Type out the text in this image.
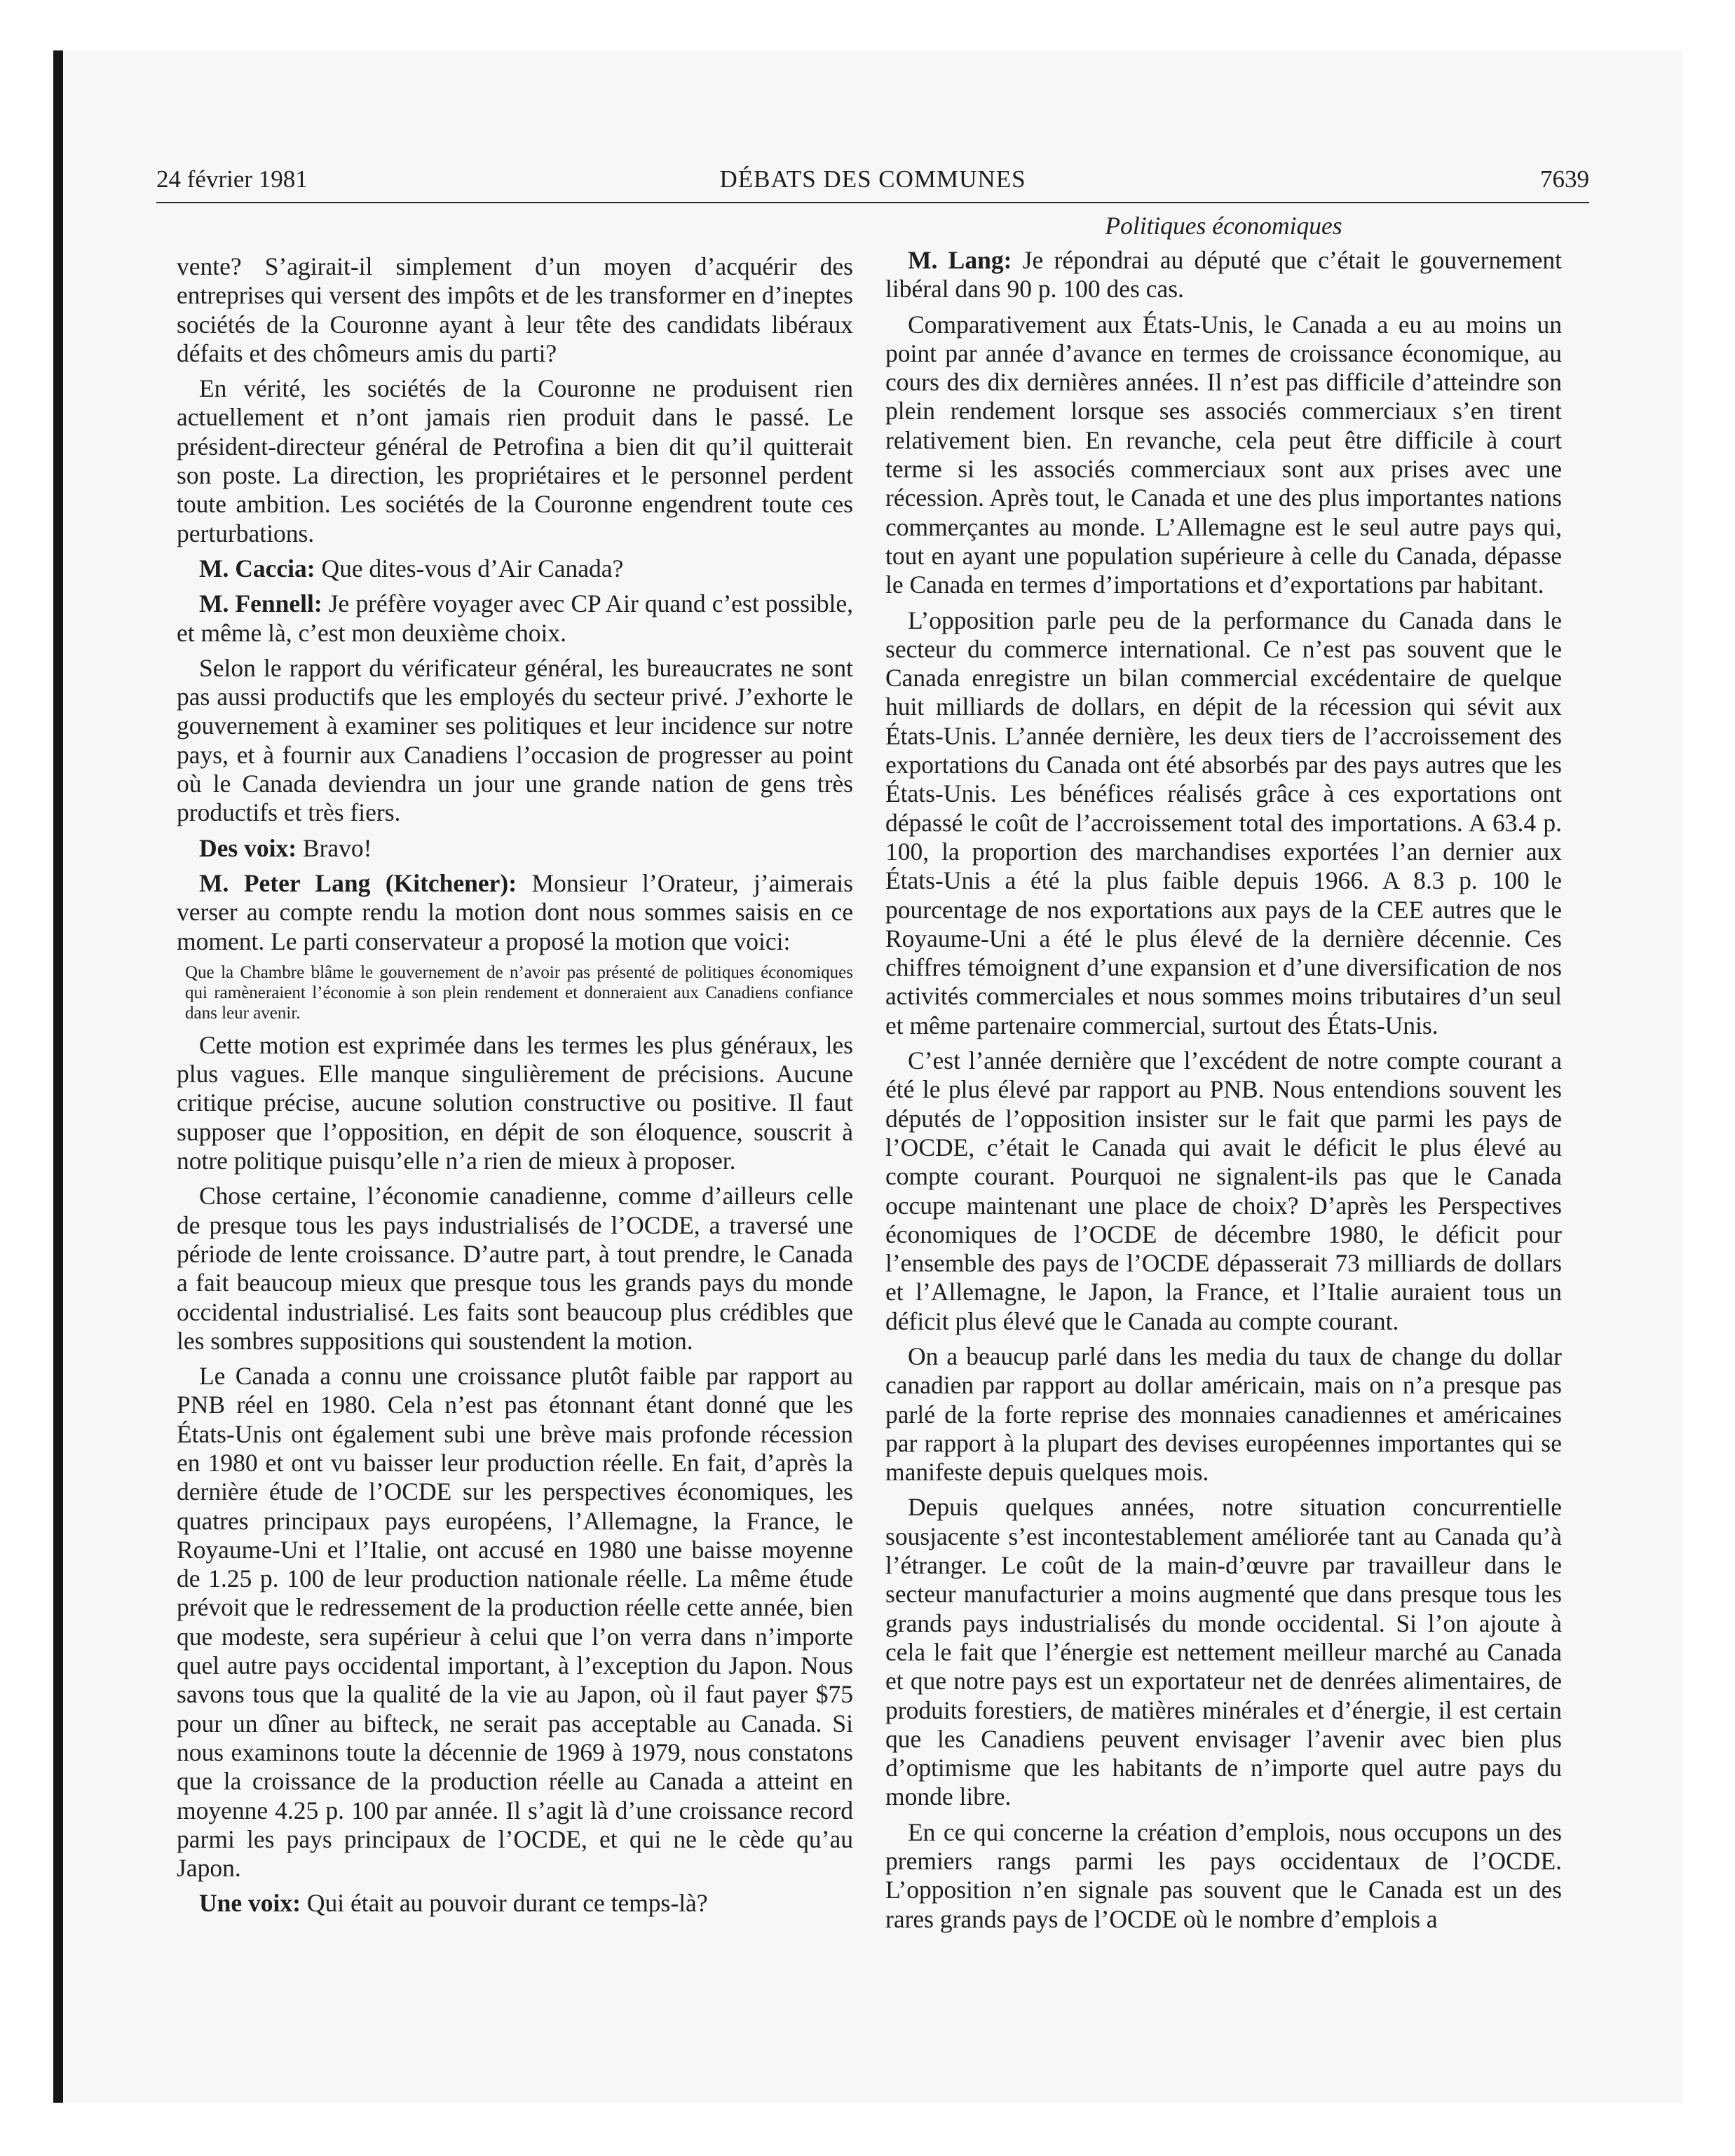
24 février 1981	DÉBATS DES COMMUNES	7639

vente? S’agirait-il simplement d’un moyen d’acquérir des entreprises qui versent des impôts et de les transformer en d’ineptes sociétés de la Couronne ayant à leur tête des candidats libéraux défaits et des chômeurs amis du parti?

En vérité, les sociétés de la Couronne ne produisent rien actuellement et n’ont jamais rien produit dans le passé. Le président-directeur général de Petrofina a bien dit qu’il quitterait son poste. La direction, les propriétaires et le personnel perdent toute ambition. Les sociétés de la Couronne engendrent toute ces perturbations.

M. Caccia: Que dites-vous d’Air Canada?

M. Fennell: Je préfère voyager avec CP Air quand c’est possible, et même là, c’est mon deuxième choix.

Selon le rapport du vérificateur général, les bureaucrates ne sont pas aussi productifs que les employés du secteur privé. J’exhorte le gouvernement à examiner ses politiques et leur incidence sur notre pays, et à fournir aux Canadiens l’occasion de progresser au point où le Canada deviendra un jour une grande nation de gens très productifs et très fiers.

Des voix: Bravo!

M. Peter Lang (Kitchener): Monsieur l’Orateur, j’aimerais verser au compte rendu la motion dont nous sommes saisis en ce moment. Le parti conservateur a proposé la motion que voici:

Que la Chambre blâme le gouvernement de n’avoir pas présenté de politiques économiques qui ramèneraient l’économie à son plein rendement et donneraient aux Canadiens confiance dans leur avenir.

Cette motion est exprimée dans les termes les plus généraux, les plus vagues. Elle manque singulièrement de précisions. Aucune critique précise, aucune solution constructive ou positive. Il faut supposer que l’opposition, en dépit de son éloquence, souscrit à notre politique puisqu’elle n’a rien de mieux à proposer.

Chose certaine, l’économie canadienne, comme d’ailleurs celle de presque tous les pays industrialisés de l’OCDE, a traversé une période de lente croissance. D’autre part, à tout prendre, le Canada a fait beaucoup mieux que presque tous les grands pays du monde occidental industrialisé. Les faits sont beaucoup plus crédibles que les sombres suppositions qui soustendent la motion.

Le Canada a connu une croissance plutôt faible par rapport au PNB réel en 1980. Cela n’est pas étonnant étant donné que les États-Unis ont également subi une brève mais profonde récession en 1980 et ont vu baisser leur production réelle. En fait, d’après la dernière étude de l’OCDE sur les perspectives économiques, les quatres principaux pays européens, l’Allemagne, la France, le Royaume-Uni et l’Italie, ont accusé en 1980 une baisse moyenne de 1.25 p. 100 de leur production nationale réelle. La même étude prévoit que le redressement de la production réelle cette année, bien que modeste, sera supérieur à celui que l’on verra dans n’importe quel autre pays occidental important, à l’exception du Japon. Nous savons tous que la qualité de la vie au Japon, où il faut payer $75 pour un dîner au bifteck, ne serait pas acceptable au Canada. Si nous examinons toute la décennie de 1969 à 1979, nous constatons que la croissance de la production réelle au Canada a atteint en moyenne 4.25 p. 100 par année. Il s’agit là d’une croissance record parmi les pays principaux de l’OCDE, et qui ne le cède qu’au Japon.

Une voix: Qui était au pouvoir durant ce temps-là?

Politiques économiques

M. Lang: Je répondrai au député que c’était le gouvernement libéral dans 90 p. 100 des cas.

Comparativement aux États-Unis, le Canada a eu au moins un point par année d’avance en termes de croissance économique, au cours des dix dernières années. Il n’est pas difficile d’atteindre son plein rendement lorsque ses associés commerciaux s’en tirent relativement bien. En revanche, cela peut être difficile à court terme si les associés commerciaux sont aux prises avec une récession. Après tout, le Canada et une des plus importantes nations commerçantes au monde. L’Allemagne est le seul autre pays qui, tout en ayant une population supérieure à celle du Canada, dépasse le Canada en termes d’importations et d’exportations par habitant.

L’opposition parle peu de la performance du Canada dans le secteur du commerce international. Ce n’est pas souvent que le Canada enregistre un bilan commercial excédentaire de quelque huit milliards de dollars, en dépit de la récession qui sévit aux États-Unis. L’année dernière, les deux tiers de l’accroissement des exportations du Canada ont été absorbés par des pays autres que les États-Unis. Les bénéfices réalisés grâce à ces exportations ont dépassé le coût de l’accroissement total des importations. A 63.4 p. 100, la proportion des marchandises exportées l’an dernier aux États-Unis a été la plus faible depuis 1966. A 8.3 p. 100 le pourcentage de nos exportations aux pays de la CEE autres que le Royaume-Uni a été le plus élevé de la dernière décennie. Ces chiffres témoignent d’une expansion et d’une diversification de nos activités commerciales et nous sommes moins tributaires d’un seul et même partenaire commercial, surtout des États-Unis.

C’est l’année dernière que l’excédent de notre compte courant a été le plus élevé par rapport au PNB. Nous entendions souvent les députés de l’opposition insister sur le fait que parmi les pays de l’OCDE, c’était le Canada qui avait le déficit le plus élevé au compte courant. Pourquoi ne signalent-ils pas que le Canada occupe maintenant une place de choix? D’après les Perspectives économiques de l’OCDE de décembre 1980, le déficit pour l’ensemble des pays de l’OCDE dépasserait 73 milliards de dollars et l’Allemagne, le Japon, la France, et l’Italie auraient tous un déficit plus élevé que le Canada au compte courant.

On a beaucup parlé dans les media du taux de change du dollar canadien par rapport au dollar américain, mais on n’a presque pas parlé de la forte reprise des monnaies canadiennes et américaines par rapport à la plupart des devises européennes importantes qui se manifeste depuis quelques mois.

Depuis quelques années, notre situation concurrentielle sousjacente s’est incontestablement améliorée tant au Canada qu’à l’étranger. Le coût de la main-d’œuvre par travailleur dans le secteur manufacturier a moins augmenté que dans presque tous les grands pays industrialisés du monde occidental. Si l’on ajoute à cela le fait que l’énergie est nettement meilleur marché au Canada et que notre pays est un exportateur net de denrées alimentaires, de produits forestiers, de matières minérales et d’énergie, il est certain que les Canadiens peuvent envisager l’avenir avec bien plus d’optimisme que les habitants de n’importe quel autre pays du monde libre.

En ce qui concerne la création d’emplois, nous occupons un des premiers rangs parmi les pays occidentaux de l’OCDE. L’opposition n’en signale pas souvent que le Canada est un des rares grands pays de l’OCDE où le nombre d’emplois a
